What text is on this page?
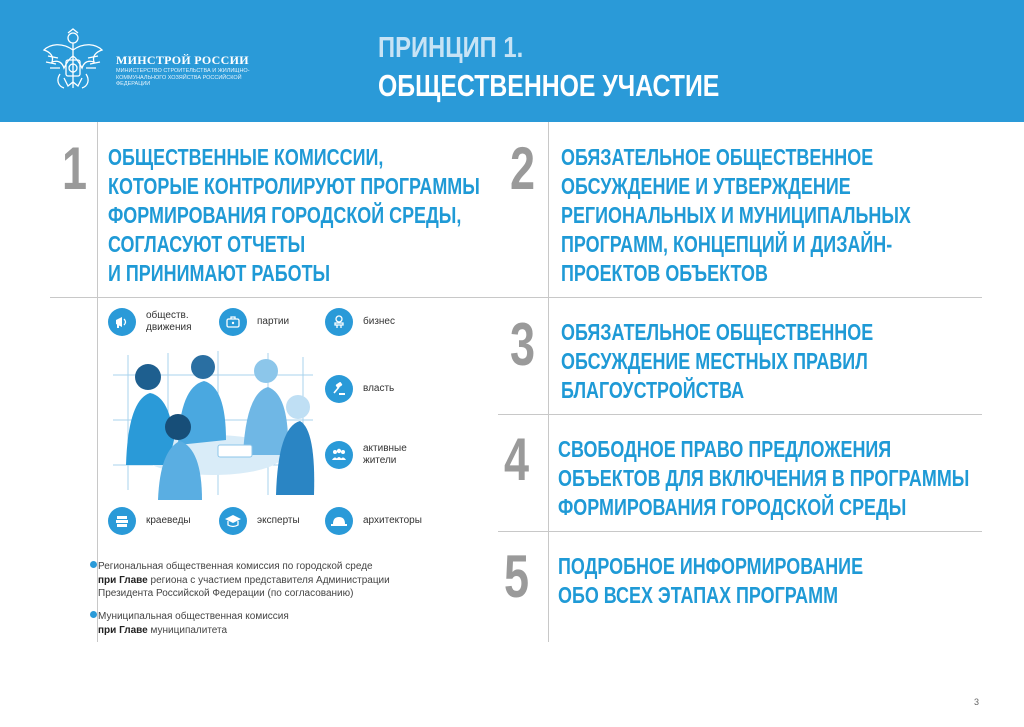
МИНСТРОЙ РОССИИ
МИНИСТЕРСТВО СТРОИТЕЛЬСТВА И ЖИЛИЩНО-КОММУНАЛЬНОГО ХОЗЯЙСТВА РОССИЙСКОЙ ФЕДЕРАЦИИ
ПРИНЦИП 1.
ОБЩЕСТВЕННОЕ УЧАСТИЕ
1 ОБЩЕСТВЕННЫЕ КОМИССИИ,
КОТОРЫЕ КОНТРОЛИРУЮТ ПРОГРАММЫ
ФОРМИРОВАНИЯ ГОРОДСКОЙ СРЕДЫ,
СОГЛАСУЮТ ОТЧЕТЫ
И ПРИНИМАЮТ РАБОТЫ
2 ОБЯЗАТЕЛЬНОЕ ОБЩЕСТВЕННОЕ
ОБСУЖДЕНИЕ И УТВЕРЖДЕНИЕ
РЕГИОНАЛЬНЫХ И МУНИЦИПАЛЬНЫХ
ПРОГРАММ, КОНЦЕПЦИЙ И ДИЗАЙН-
ПРОЕКТОВ ОБЪЕКТОВ
3 ОБЯЗАТЕЛЬНОЕ ОБЩЕСТВЕННОЕ
ОБСУЖДЕНИЕ МЕСТНЫХ ПРАВИЛ
БЛАГОУСТРОЙСТВА
4 СВОБОДНОЕ ПРАВО ПРЕДЛОЖЕНИЯ
ОБЪЕКТОВ ДЛЯ ВКЛЮЧЕНИЯ В ПРОГРАММЫ
ФОРМИРОВАНИЯ ГОРОДСКОЙ СРЕДЫ
5 ПОДРОБНОЕ ИНФОРМИРОВАНИЕ
ОБО ВСЕХ ЭТАПАХ ПРОГРАММ
обществ.
движения
партии	бизнес
власть
активные
жители
краеведы	эксперты	архитекторы
Региональная общественная комиссия по городской среде
при Главе региона с участием представителя Администрации
Президента Российской Федерации (по согласованию)
Муниципальная общественная комиссия
при Главе муниципалитета
3
